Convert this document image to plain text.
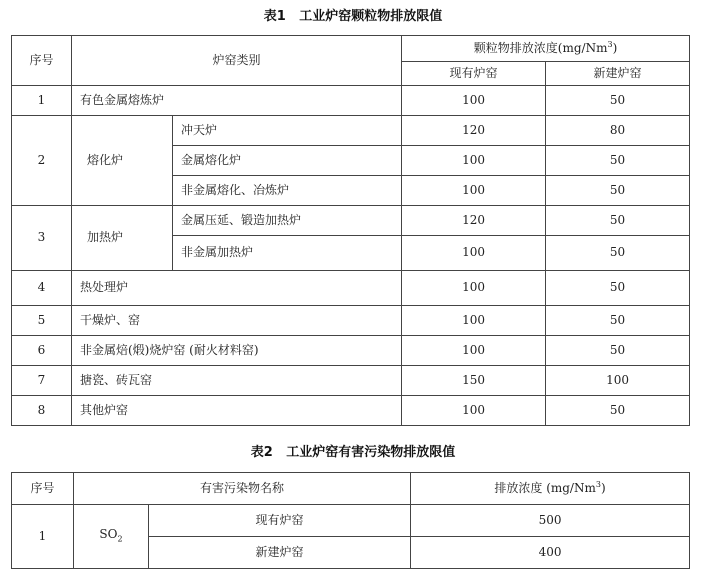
表1   工业炉窑颗粒物排放限值
序号	炉窑类别		颗粒物排放浓度(mg/Nm$^3$)	
			现有炉窑	新建炉窑
1	有色金属熔炼炉		100	50
2	熔化炉	冲天炉	120	80
		金属熔化炉	100	50
		非金属熔化、冶炼炉	100	50
3	加热炉	金属压延、锻造加热炉	120	50
		非金属加热炉	100	50
4	热处理炉		100	50
5	干燥炉、窑		100	50
6	非金属焙(煅)烧炉窑 (耐火材料窑)		100	50
7	搪瓷、砖瓦窑		150	100
8	其他炉窑		100	50
表2   工业炉窑有害污染物排放限值
序号	有害污染物名称		排放浓度 (mg/Nm$^3$)
1	$SO_2$	现有炉窑	500
		新建炉窑	400
